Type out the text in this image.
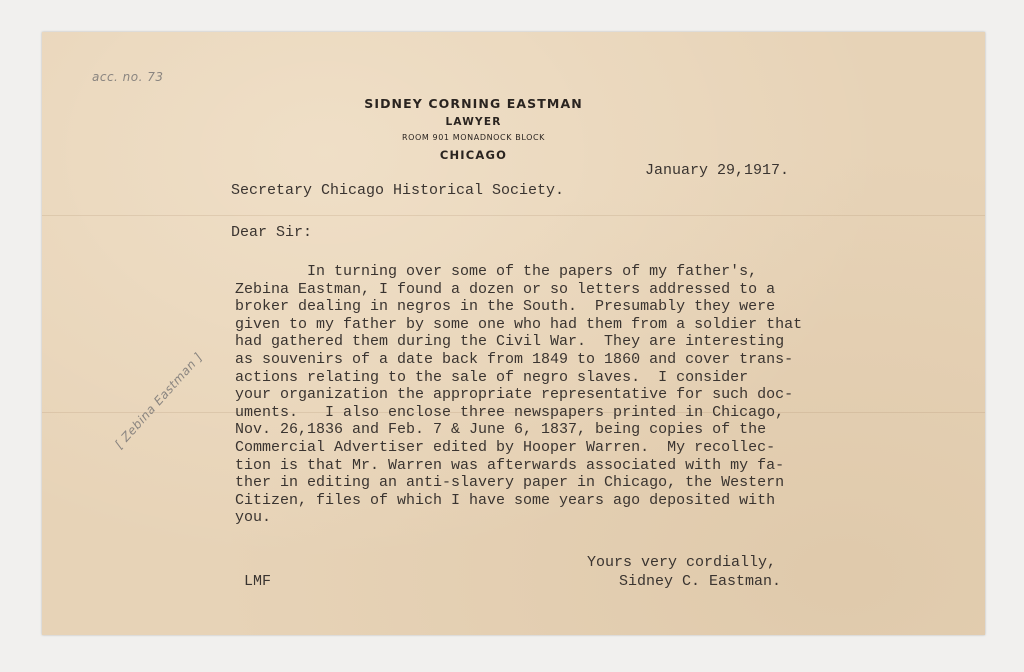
acc. no. 73
[ Zebina Eastman ]
SIDNEY CORNING EASTMAN
LAWYER
ROOM 901 MONADNOCK BLOCK
CHICAGO
January 29,1917.
Secretary Chicago Historical Society.
Dear Sir:
In turning over some of the papers of my father's,
Zebina Eastman, I found a dozen or so letters addressed to a
broker dealing in negros in the South.  Presumably they were
given to my father by some one who had them from a soldier that
had gathered them during the Civil War.  They are interesting
as souvenirs of a date back from 1849 to 1860 and cover trans-
actions relating to the sale of negro slaves.  I consider
your organization the appropriate representative for such doc-
uments.   I also enclose three newspapers printed in Chicago,
Nov. 26,1836 and Feb. 7 & June 6, 1837, being copies of the
Commercial Advertiser edited by Hooper Warren.  My recollec-
tion is that Mr. Warren was afterwards associated with my fa-
ther in editing an anti-slavery paper in Chicago, the Western
Citizen, files of which I have some years ago deposited with
you.
Yours very cordially,
Sidney C. Eastman.
LMF
